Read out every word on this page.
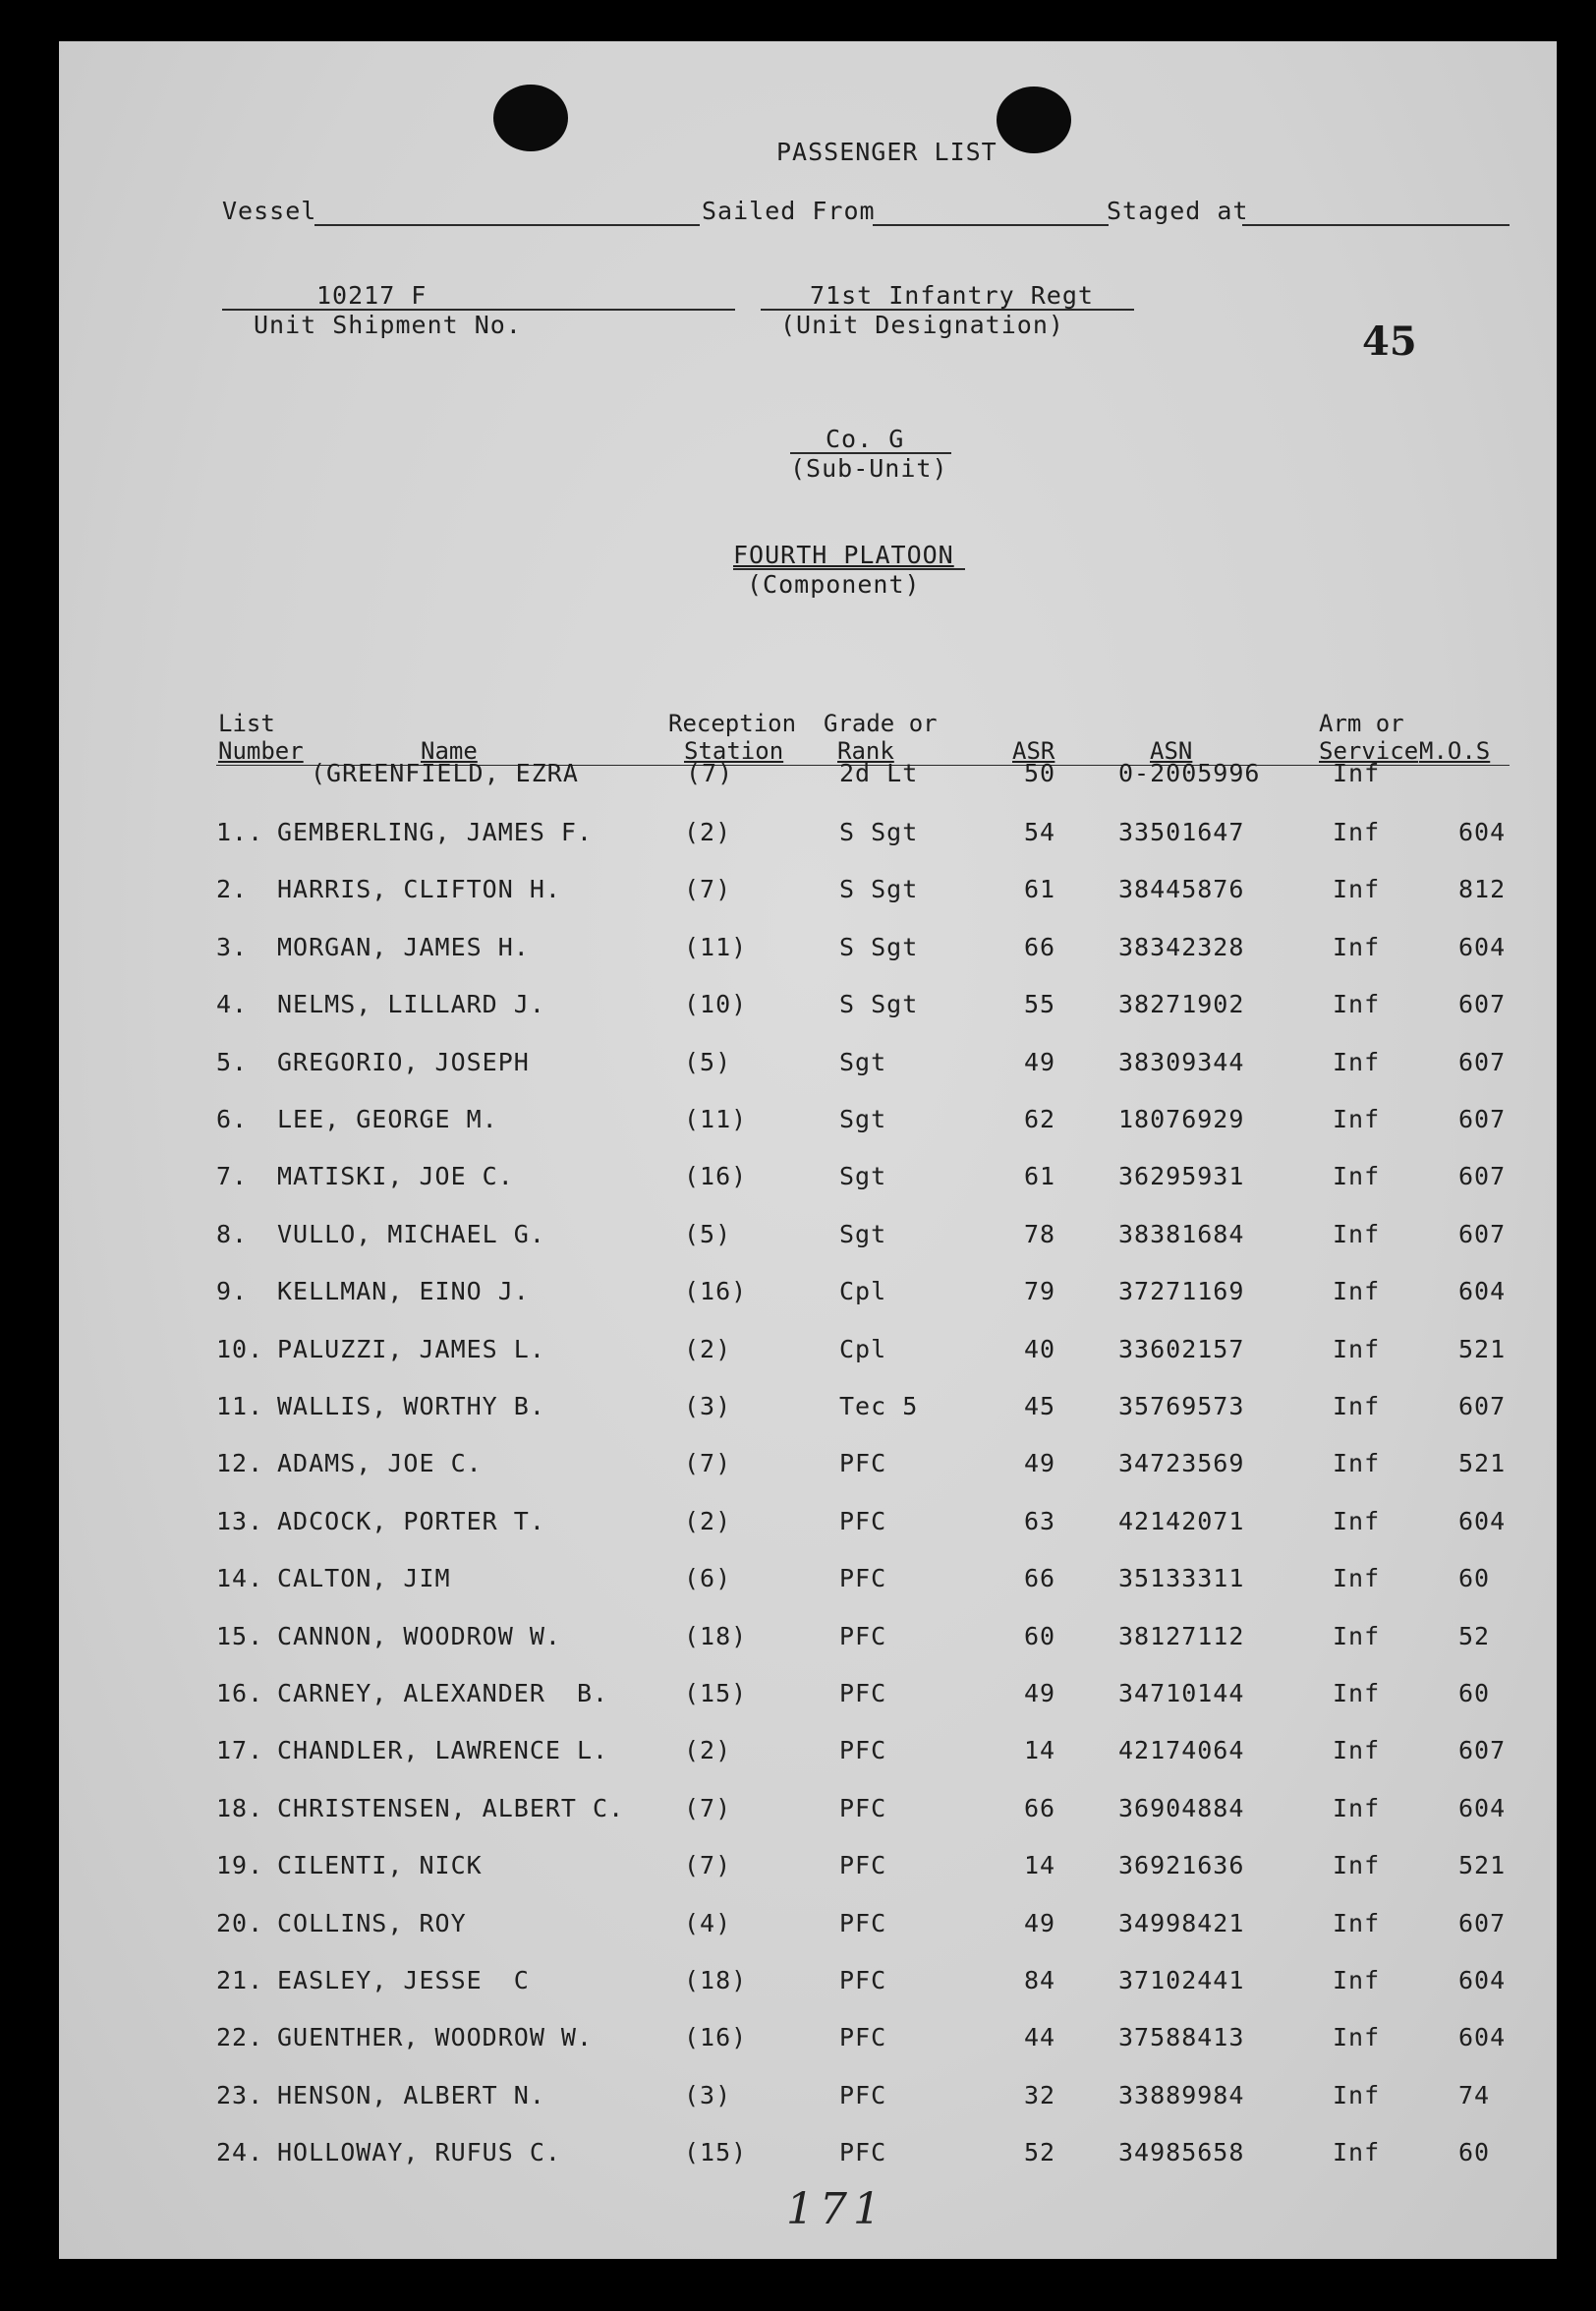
PASSENGER LIST
Vessel	Sailed From	Staged at
10217 F
Unit Shipment No.
71st Infantry Regt
(Unit Designation)	45
Co. G
(Sub-Unit)
FOURTH PLATOON
(Component)
List
Number	Name
Reception
Station
Grade or
Rank	ASR	ASN
Arm or
Service M.O.S
(GREENFIELD, EZRA	(7)	2d Lt	50	0-2005996	Inf
1.. GEMBERLING, JAMES F.	(2)	S Sgt	54	33501647	Inf	604
2. HARRIS, CLIFTON H.	(7)	S Sgt	61	38445876	Inf	812
3. MORGAN, JAMES H.	(11)	S Sgt	66	38342328	Inf	604
4. NELMS, LILLARD J.	(10)	S Sgt	55	38271902	Inf	607
5. GREGORIO, JOSEPH	(5)	Sgt	49	38309344	Inf	607
6. LEE, GEORGE M.	(11)	Sgt	62	18076929	Inf	607
7. MATISKI, JOE C.	(16)	Sgt	61	36295931	Inf	607
8. VULLO, MICHAEL G.	(5)	Sgt	78	38381684	Inf	607
9. KELLMAN, EINO J.	(16)	Cpl	79	37271169	Inf	604
10. PALUZZI, JAMES L.	(2)	Cpl	40	33602157	Inf	521
11. WALLIS, WORTHY B.	(3)	Tec 5	45	35769573	Inf	607
12. ADAMS, JOE C.	(7)	PFC	49	34723569	Inf	521
13. ADCOCK, PORTER T.	(2)	PFC	63	42142071	Inf	604
14. CALTON, JIM	(6)	PFC	66	35133311	Inf	60
15. CANNON, WOODROW W.	(18)	PFC	60	38127112	Inf	52
16. CARNEY, ALEXANDER  B.	(15)	PFC	49	34710144	Inf	60
17. CHANDLER, LAWRENCE L.	(2)	PFC	14	42174064	Inf	607
18. CHRISTENSEN, ALBERT C. (7)	PFC	66	36904884	Inf	604
19. CILENTI, NICK	(7)	PFC	14	36921636	Inf	521
20. COLLINS, ROY	(4)	PFC	49	34998421	Inf	607
21. EASLEY, JESSE  C	(18)	PFC	84	37102441	Inf	604
22. GUENTHER, WOODROW W.	(16)	PFC	44	37588413	Inf	604
23. HENSON, ALBERT N.	(3)	PFC	32	33889984	Inf	74
24. HOLLOWAY, RUFUS C.	(15)	PFC	52	34985658	Inf	60
171
